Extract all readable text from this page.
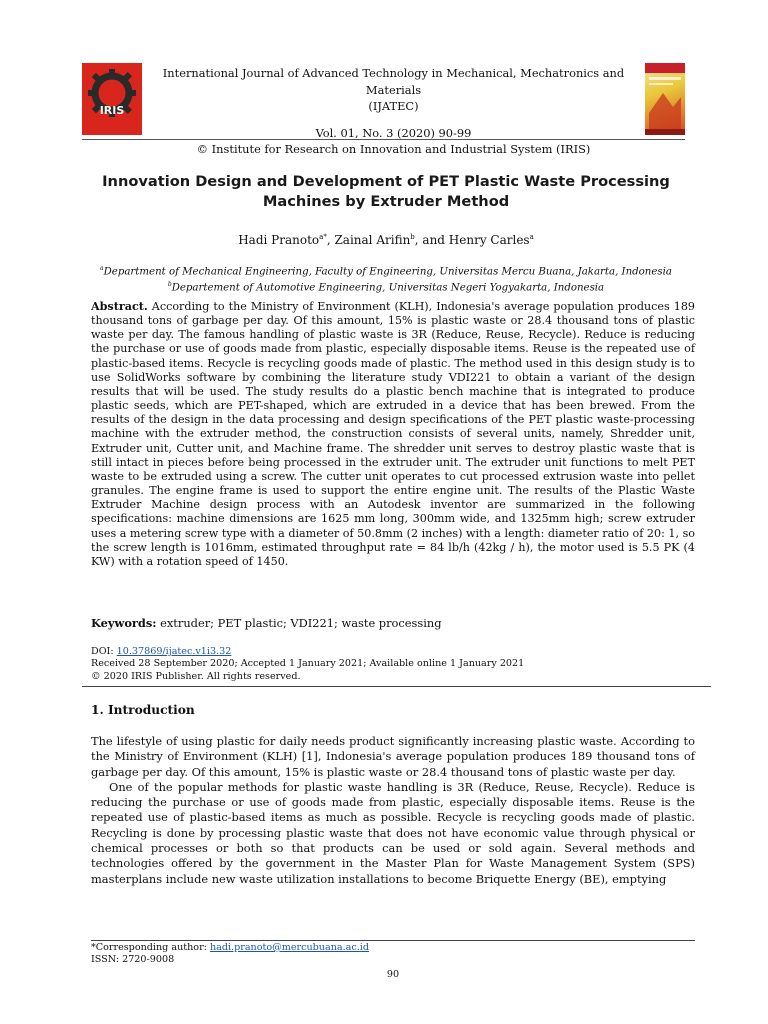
IRIS
International Journal of Advanced Technology in Mechanical, Mechatronics and Materials
(IJATEC)
Vol. 01, No. 3 (2020) 90-99
© Institute for Research on Innovation and Industrial System (IRIS)
Innovation Design and Development of PET Plastic Waste Processing
Machines by Extruder Method
Hadi Pranoto$^{a*}$, Zainal Arifin$^b$, and Henry Carles$^a$
$^a$Department of Mechanical Engineering, Faculty of Engineering, Universitas Mercu Buana, Jakarta, Indonesia
$^b$Departement of Automotive Engineering, Universitas Negeri Yogyakarta, Indonesia
Abstract. According to the Ministry of Environment (KLH), Indonesia's average population produces 189 thousand tons of garbage per day. Of this amount, 15% is plastic waste or 28.4 thousand tons of plastic waste per day. The famous handling of plastic waste is 3R (Reduce, Reuse, Recycle). Reduce is reducing the purchase or use of goods made from plastic, especially disposable items. Reuse is the repeated use of plastic-based items. Recycle is recycling goods made of plastic. The method used in this design study is to use SolidWorks software by combining the literature study VDI221 to obtain a variant of the design results that will be used. The study results do a plastic bench machine that is integrated to produce plastic seeds, which are PET-shaped, which are extruded in a device that has been brewed. From the results of the design in the data processing and design specifications of the PET plastic waste-processing machine with the extruder method, the construction consists of several units, namely, Shredder unit, Extruder unit, Cutter unit, and Machine frame. The shredder unit serves to destroy plastic waste that is still intact in pieces before being processed in the extruder unit. The extruder unit functions to melt PET waste to be extruded using a screw. The cutter unit operates to cut processed extrusion waste into pellet granules. The engine frame is used to support the entire engine unit. The results of the Plastic Waste Extruder Machine design process with an Autodesk inventor are summarized in the following specifications: machine dimensions are 1625 mm long, 300mm wide, and 1325mm high; screw extruder uses a metering screw type with a diameter of 50.8mm (2 inches) with a length: diameter ratio of 20: 1, so the screw length is 1016mm, estimated throughput rate = 84 lb/h (42kg / h), the motor used is 5.5 PK (4 KW) with a rotation speed of 1450.
Keywords: extruder; PET plastic; VDI221; waste processing
DOI: 10.37869/ijatec.v1i3.32
Received 28 September 2020; Accepted 1 January 2021; Available online 1 January 2021
© 2020 IRIS Publisher. All rights reserved.
1. Introduction

The lifestyle of using plastic for daily needs product significantly increasing plastic waste. According to the Ministry of Environment (KLH) [1], Indonesia's average population produces 189 thousand tons of garbage per day. Of this amount, 15% is plastic waste or 28.4 thousand tons of plastic waste per day.

One of the popular methods for plastic waste handling is 3R (Reduce, Reuse, Recycle). Reduce is reducing the purchase or use of goods made from plastic, especially disposable items. Reuse is the repeated use of plastic-based items as much as possible. Recycle is recycling goods made of plastic. Recycling is done by processing plastic waste that does not have economic value through physical or chemical processes or both so that products can be used or sold again. Several methods and technologies offered by the government in the Master Plan for Waste Management System (SPS) masterplans include new waste utilization installations to become Briquette Energy (BE), emptying

*Corresponding author: hadi.pranoto@mercubuana.ac.id
ISSN: 2720-9008
90
